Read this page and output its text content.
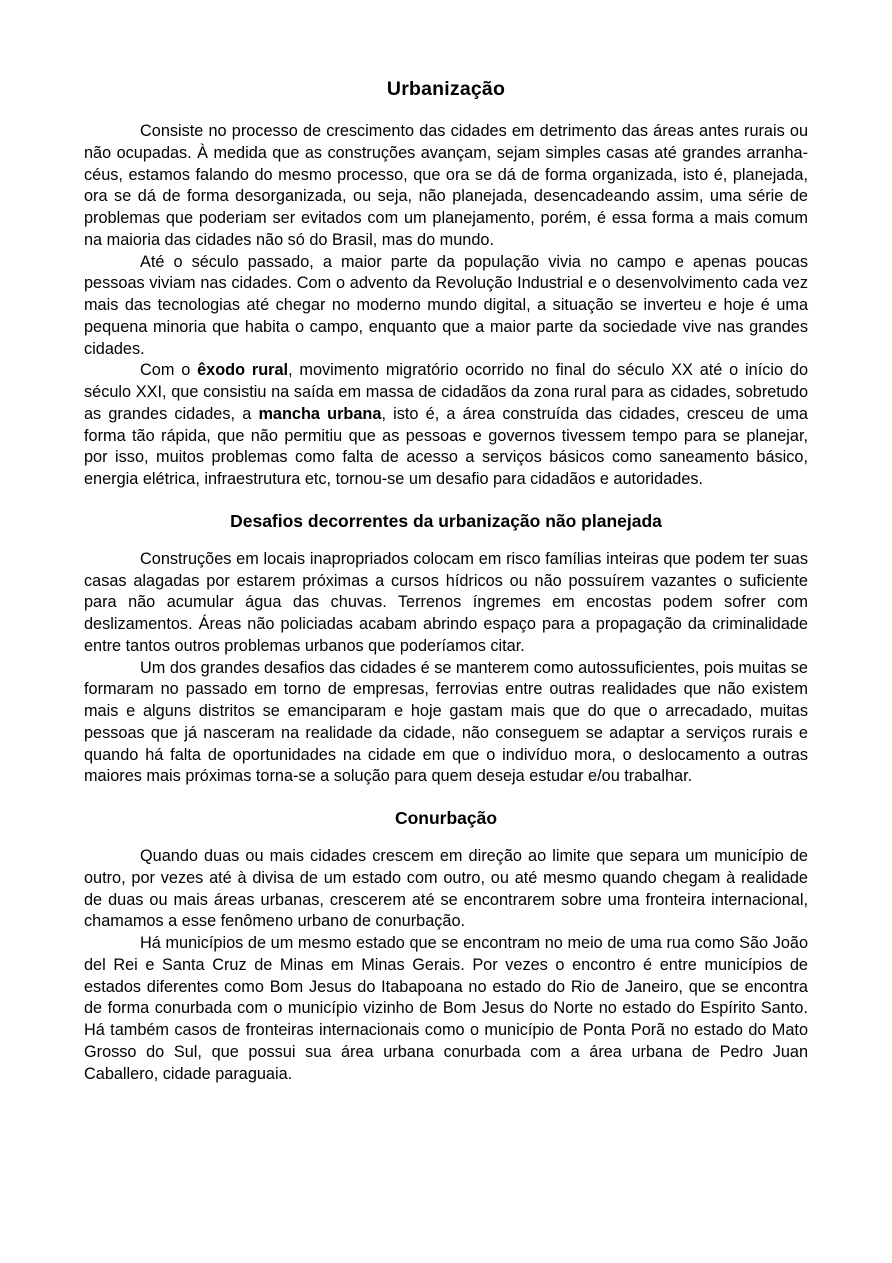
Urbanização

Consiste no processo de crescimento das cidades em detrimento das áreas antes rurais ou não ocupadas. À medida que as construções avançam, sejam simples casas até grandes arranha-céus, estamos falando do mesmo processo, que ora se dá de forma organizada, isto é, planejada, ora se dá de forma desorganizada, ou seja, não planejada, desencadeando assim, uma série de problemas que poderiam ser evitados com um planejamento, porém, é essa forma a mais comum na maioria das cidades não só do Brasil, mas do mundo.

Até o século passado, a maior parte da população vivia no campo e apenas poucas pessoas viviam nas cidades. Com o advento da Revolução Industrial e o desenvolvimento cada vez mais das tecnologias até chegar no moderno mundo digital, a situação se inverteu e hoje é uma pequena minoria que habita o campo, enquanto que a maior parte da sociedade vive nas grandes cidades.

Com o êxodo rural, movimento migratório ocorrido no final do século XX até o início do século XXI, que consistiu na saída em massa de cidadãos da zona rural para as cidades, sobretudo as grandes cidades, a mancha urbana, isto é, a área construída das cidades, cresceu de uma forma tão rápida, que não permitiu que as pessoas e governos tivessem tempo para se planejar, por isso, muitos problemas como falta de acesso a serviços básicos como saneamento básico, energia elétrica, infraestrutura etc, tornou-se um desafio para cidadãos e autoridades.

Desafios decorrentes da urbanização não planejada

Construções em locais inapropriados colocam em risco famílias inteiras que podem ter suas casas alagadas por estarem próximas a cursos hídricos ou não possuírem vazantes o suficiente para não acumular água das chuvas. Terrenos íngremes em encostas podem sofrer com deslizamentos. Áreas não policiadas acabam abrindo espaço para a propagação da criminalidade entre tantos outros problemas urbanos que poderíamos citar.

Um dos grandes desafios das cidades é se manterem como autossuficientes, pois muitas se formaram no passado em torno de empresas, ferrovias entre outras realidades que não existem mais e alguns distritos se emanciparam e hoje gastam mais que do que o arrecadado, muitas pessoas que já nasceram na realidade da cidade, não conseguem se adaptar a serviços rurais e quando há falta de oportunidades na cidade em que o indivíduo mora, o deslocamento a outras maiores mais próximas torna-se a solução para quem deseja estudar e/ou trabalhar.

Conurbação

Quando duas ou mais cidades crescem em direção ao limite que separa um município de outro, por vezes até à divisa de um estado com outro, ou até mesmo quando chegam à realidade de duas ou mais áreas urbanas, crescerem até se encontrarem sobre uma fronteira internacional, chamamos a esse fenômeno urbano de conurbação.

Há municípios de um mesmo estado que se encontram no meio de uma rua como São João del Rei e Santa Cruz de Minas em Minas Gerais. Por vezes o encontro é entre municípios de estados diferentes como Bom Jesus do Itabapoana no estado do Rio de Janeiro, que se encontra de forma conurbada com o município vizinho de Bom Jesus do Norte no estado do Espírito Santo. Há também casos de fronteiras internacionais como o município de Ponta Porã no estado do Mato Grosso do Sul, que possui sua área urbana conurbada com a área urbana de Pedro Juan Caballero, cidade paraguaia.
